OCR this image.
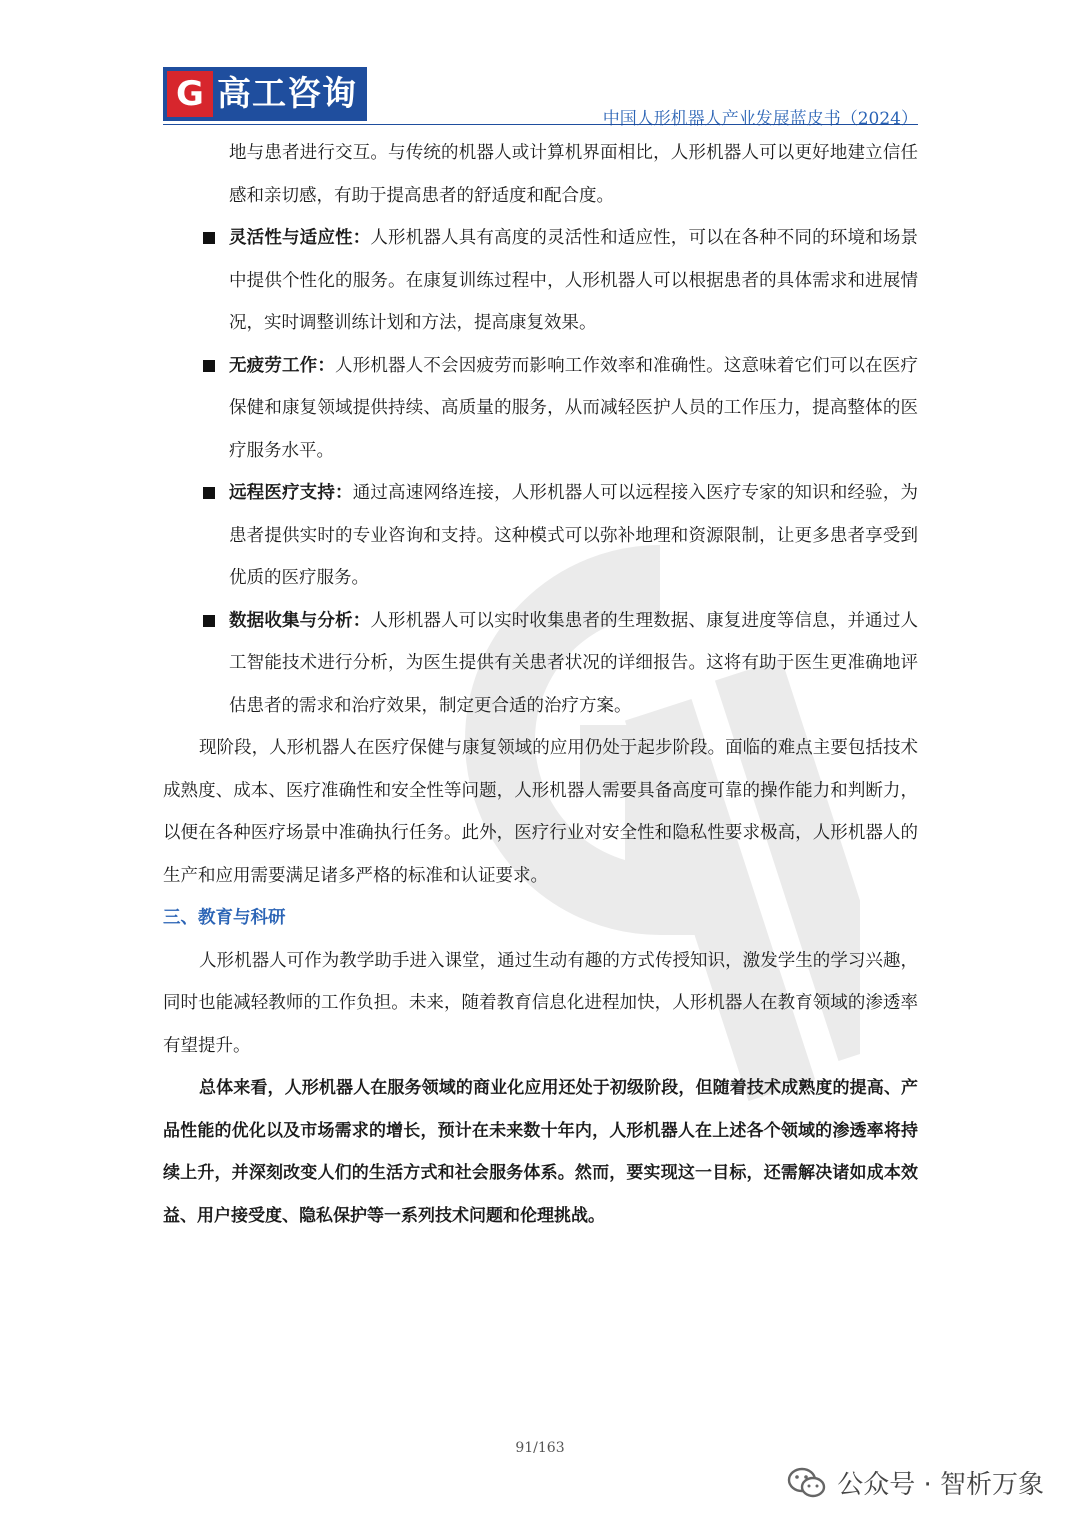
G 高工咨询
中国人形机器人产业发展蓝皮书（2024）

地与患者进行交互。与传统的机器人或计算机界面相比，人形机器人可以更好地建立信任感和亲切感，有助于提高患者的舒适度和配合度。

灵活性与适应性：人形机器人具有高度的灵活性和适应性，可以在各种不同的环境和场景中提供个性化的服务。在康复训练过程中，人形机器人可以根据患者的具体需求和进展情况，实时调整训练计划和方法，提高康复效果。

无疲劳工作：人形机器人不会因疲劳而影响工作效率和准确性。这意味着它们可以在医疗保健和康复领域提供持续、高质量的服务，从而减轻医护人员的工作压力，提高整体的医疗服务水平。

远程医疗支持：通过高速网络连接，人形机器人可以远程接入医疗专家的知识和经验，为患者提供实时的专业咨询和支持。这种模式可以弥补地理和资源限制，让更多患者享受到优质的医疗服务。

数据收集与分析：人形机器人可以实时收集患者的生理数据、康复进度等信息，并通过人工智能技术进行分析，为医生提供有关患者状况的详细报告。这将有助于医生更准确地评估患者的需求和治疗效果，制定更合适的治疗方案。

现阶段，人形机器人在医疗保健与康复领域的应用仍处于起步阶段。面临的难点主要包括技术成熟度、成本、医疗准确性和安全性等问题，人形机器人需要具备高度可靠的操作能力和判断力，以便在各种医疗场景中准确执行任务。此外，医疗行业对安全性和隐私性要求极高，人形机器人的生产和应用需要满足诸多严格的标准和认证要求。

三、教育与科研

人形机器人可作为教学助手进入课堂，通过生动有趣的方式传授知识，激发学生的学习兴趣，同时也能减轻教师的工作负担。未来，随着教育信息化进程加快，人形机器人在教育领域的渗透率有望提升。

总体来看，人形机器人在服务领域的商业化应用还处于初级阶段，但随着技术成熟度的提高、产品性能的优化以及市场需求的增长，预计在未来数十年内，人形机器人在上述各个领域的渗透率将持续上升，并深刻改变人们的生活方式和社会服务体系。然而，要实现这一目标，还需解决诸如成本效益、用户接受度、隐私保护等一系列技术问题和伦理挑战。

91/163
公众号 · 智析万象
